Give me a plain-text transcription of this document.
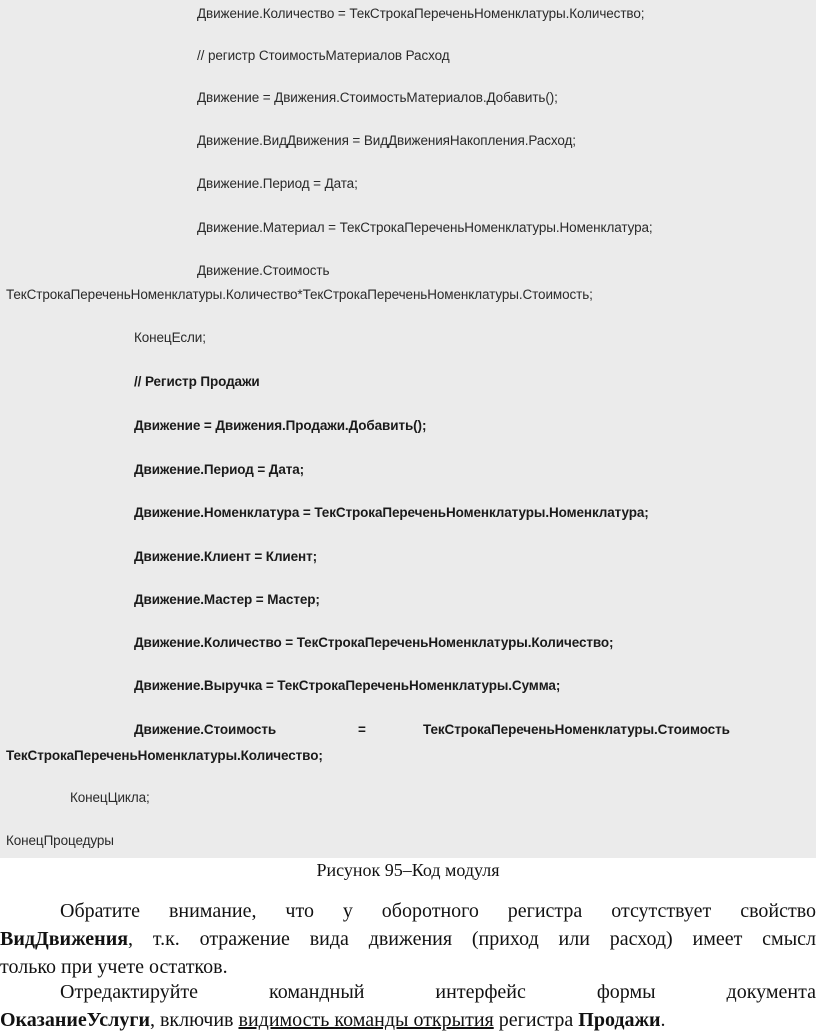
Движение.Количество = ТекСтрокаПереченьНоменклатуры.Количество;
// регистр СтоимостьМатериалов Расход
Движение = Движения.СтоимостьМатериалов.Добавить();
Движение.ВидДвижения = ВидДвиженияНакопления.Расход;
Движение.Период = Дата;
Движение.Материал = ТекСтрокаПереченьНоменклатуры.Номенклатура;
Движение.Стоимость
ТекСтрокаПереченьНоменклатуры.Количество*ТекСтрокаПереченьНоменклатуры.Стоимость;
КонецЕсли;
// Регистр Продажи
Движение = Движения.Продажи.Добавить();
Движение.Период = Дата;
Движение.Номенклатура = ТекСтрокаПереченьНоменклатуры.Номенклатура;
Движение.Клиент = Клиент;
Движение.Мастер = Мастер;
Движение.Количество = ТекСтрокаПереченьНоменклатуры.Количество;
Движение.Выручка = ТекСтрокаПереченьНоменклатуры.Сумма;
Движение.Стоимость	=	ТекСтрокаПереченьНоменклатуры.Стоимость
ТекСтрокаПереченьНоменклатуры.Количество;
КонецЦикла;
КонецПроцедуры
Рисунок 95–Код модуля
Обратите внимание, что у оборотного регистра отсутствует свойство
ВидДвижения, т.к. отражение вида движения (приход или расход) имеет смысл
только при учете остатков.
Отредактируйте командный интерфейс формы документа
ОказаниеУслуги, включив видимость команды открытия регистра Продажи.
